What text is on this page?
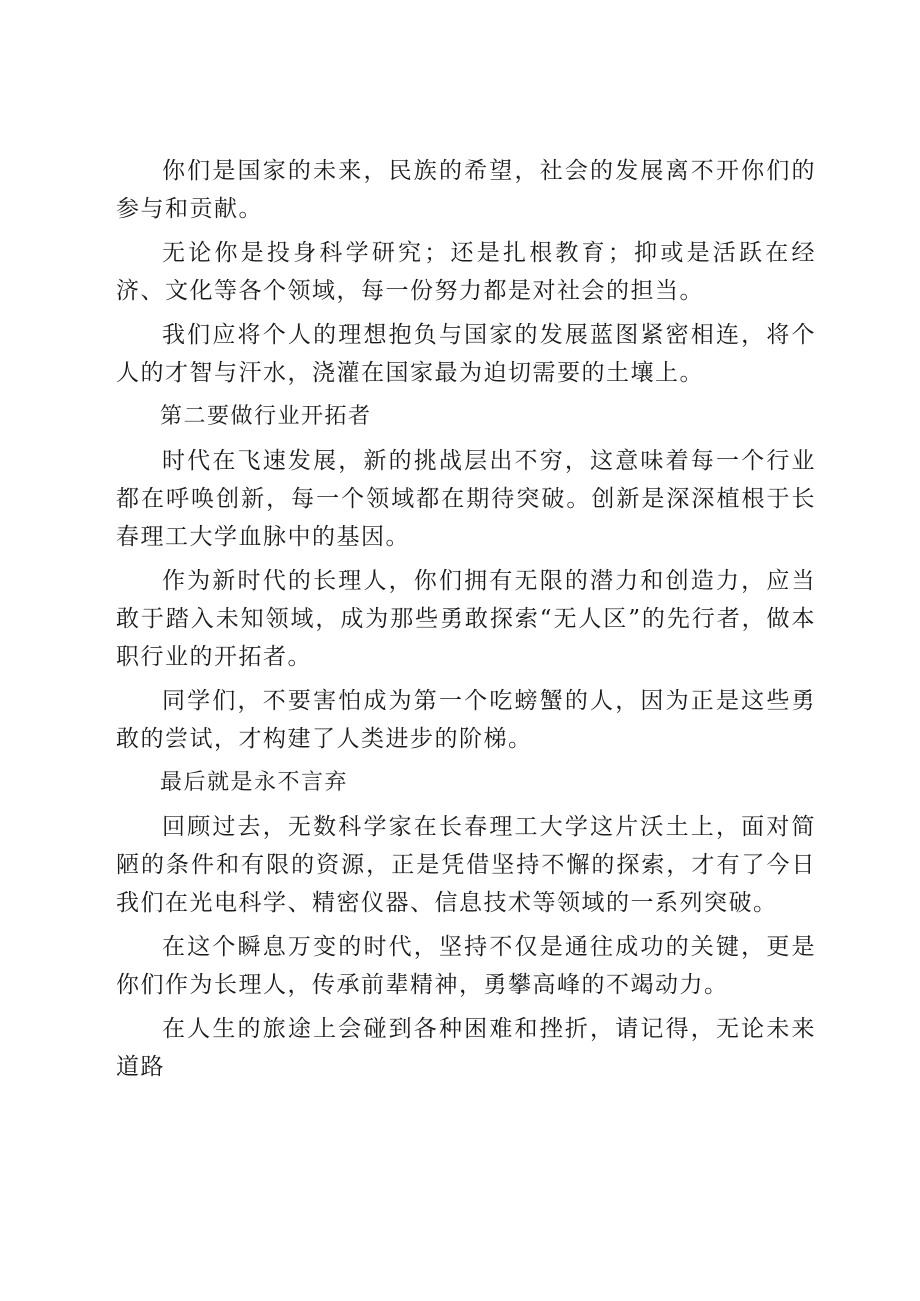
你们是国家的未来，民族的希望，社会的发展离不开你们的参与和贡献。

无论你是投身科学研究；还是扎根教育；抑或是活跃在经济、文化等各个领域，每一份努力都是对社会的担当。

我们应将个人的理想抱负与国家的发展蓝图紧密相连，将个人的才智与汗水，浇灌在国家最为迫切需要的土壤上。

第二要做行业开拓者

时代在飞速发展，新的挑战层出不穷，这意味着每一个行业都在呼唤创新，每一个领域都在期待突破。创新是深深植根于长春理工大学血脉中的基因。

作为新时代的长理人，你们拥有无限的潜力和创造力，应当敢于踏入未知领域，成为那些勇敢探索“无人区”的先行者，做本职行业的开拓者。

同学们，不要害怕成为第一个吃螃蟹的人，因为正是这些勇敢的尝试，才构建了人类进步的阶梯。

最后就是永不言弃

回顾过去，无数科学家在长春理工大学这片沃土上，面对简陋的条件和有限的资源，正是凭借坚持不懈的探索，才有了今日我们在光电科学、精密仪器、信息技术等领域的一系列突破。

在这个瞬息万变的时代，坚持不仅是通往成功的关键，更是你们作为长理人，传承前辈精神，勇攀高峰的不竭动力。

在人生的旅途上会碰到各种困难和挫折，请记得，无论未来道路
